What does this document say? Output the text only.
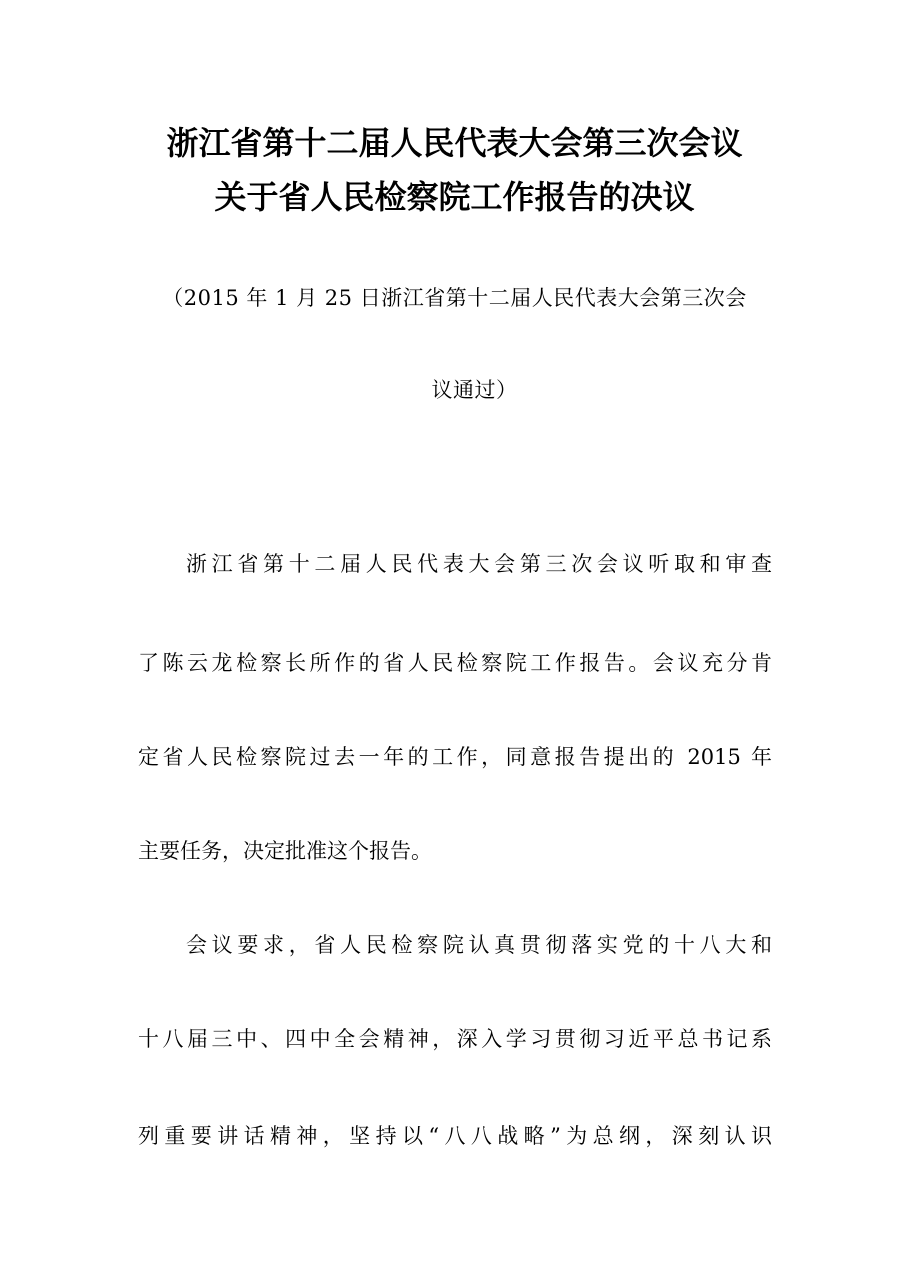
浙江省第十二届人民代表大会第三次会议
关于省人民检察院工作报告的决议
（2015 年 1 月 25 日浙江省第十二届人民代表大会第三次会
议通过）
浙江省第十二届人民代表大会第三次会议听取和审查
了陈云龙检察长所作的省人民检察院工作报告。会议充分肯
定省人民检察院过去一年的工作，同意报告提出的 2015 年
主要任务，决定批准这个报告。
会议要求，省人民检察院认真贯彻落实党的十八大和
十八届三中、四中全会精神，深入学习贯彻习近平总书记系
列重要讲话精神，坚持以“八八战略”为总纲，深刻认识
